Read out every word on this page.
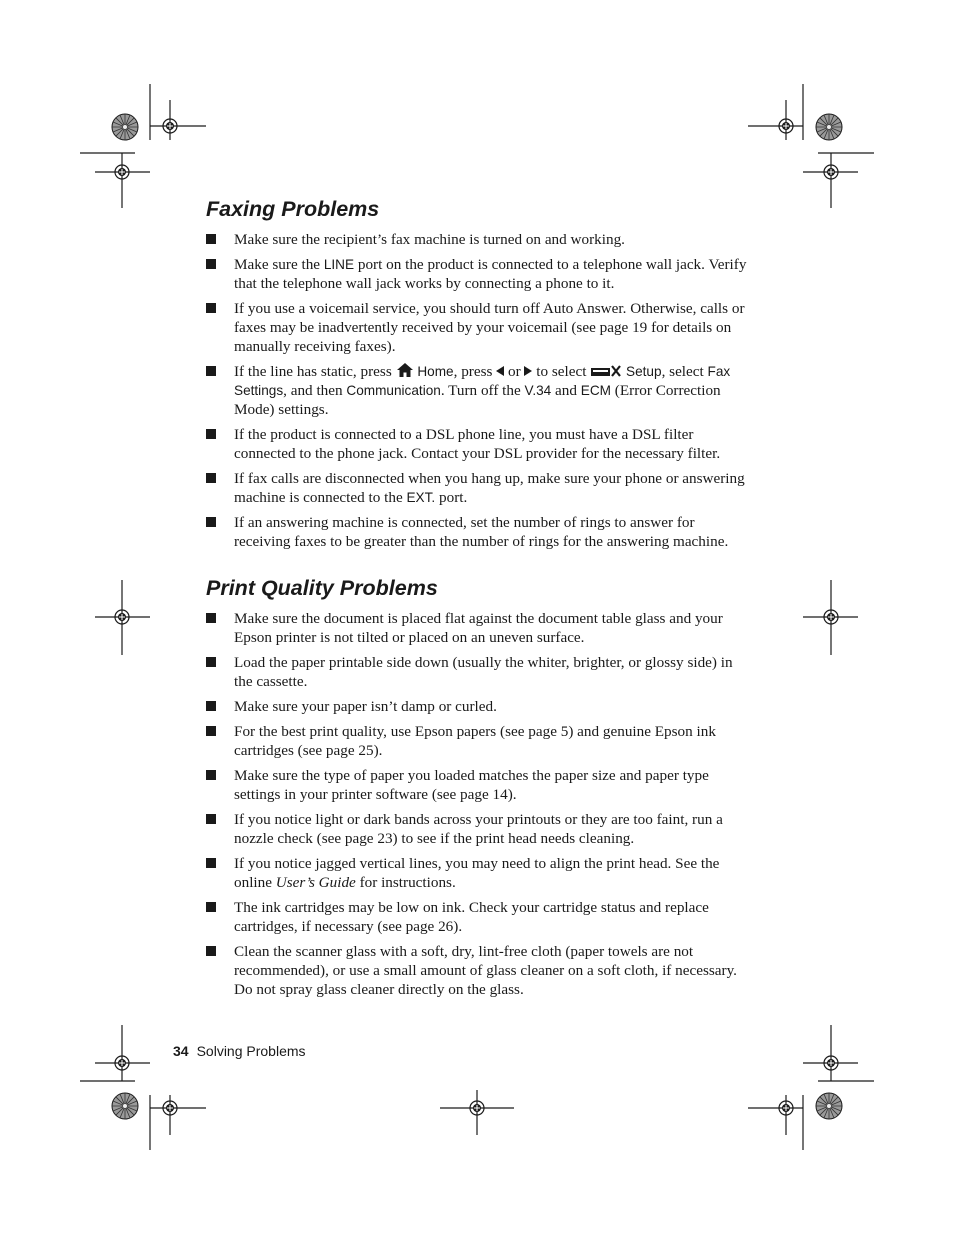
Faxing Problems
Make sure the recipient’s fax machine is turned on and working.
Make sure the LINE port on the product is connected to a telephone wall jack. Verify that the telephone wall jack works by connecting a phone to it.
If you use a voicemail service, you should turn off Auto Answer. Otherwise, calls or faxes may be inadvertently received by your voicemail (see page 19 for details on manually receiving faxes).
If the line has static, press  Home, press  or  to select	Setup, select Fax Settings, and then Communication. Turn off the V.34 and ECM (Error Correction Mode) settings.
If the product is connected to a DSL phone line, you must have a DSL filter connected to the phone jack. Contact your DSL provider for the necessary filter.
If fax calls are disconnected when you hang up, make sure your phone or answering machine is connected to the EXT. port.
If an answering machine is connected, set the number of rings to answer for receiving faxes to be greater than the number of rings for the answering machine.
Print Quality Problems
Make sure the document is placed flat against the document table glass and your Epson printer is not tilted or placed on an uneven surface.
Load the paper printable side down (usually the whiter, brighter, or glossy side) in the cassette.
Make sure your paper isn’t damp or curled.
For the best print quality, use Epson papers (see page 5) and genuine Epson ink cartridges (see page 25).
Make sure the type of paper you loaded matches the paper size and paper type settings in your printer software (see page 14).
If you notice light or dark bands across your printouts or they are too faint, run a nozzle check (see page 23) to see if the print head needs cleaning.
If you notice jagged vertical lines, you may need to align the print head. See the online User’s Guide for instructions.
The ink cartridges may be low on ink. Check your cartridge status and replace cartridges, if necessary (see page 26).
Clean the scanner glass with a soft, dry, lint-free cloth (paper towels are not recommended), or use a small amount of glass cleaner on a soft cloth, if necessary. Do not spray glass cleaner directly on the glass.
34 Solving Problems
